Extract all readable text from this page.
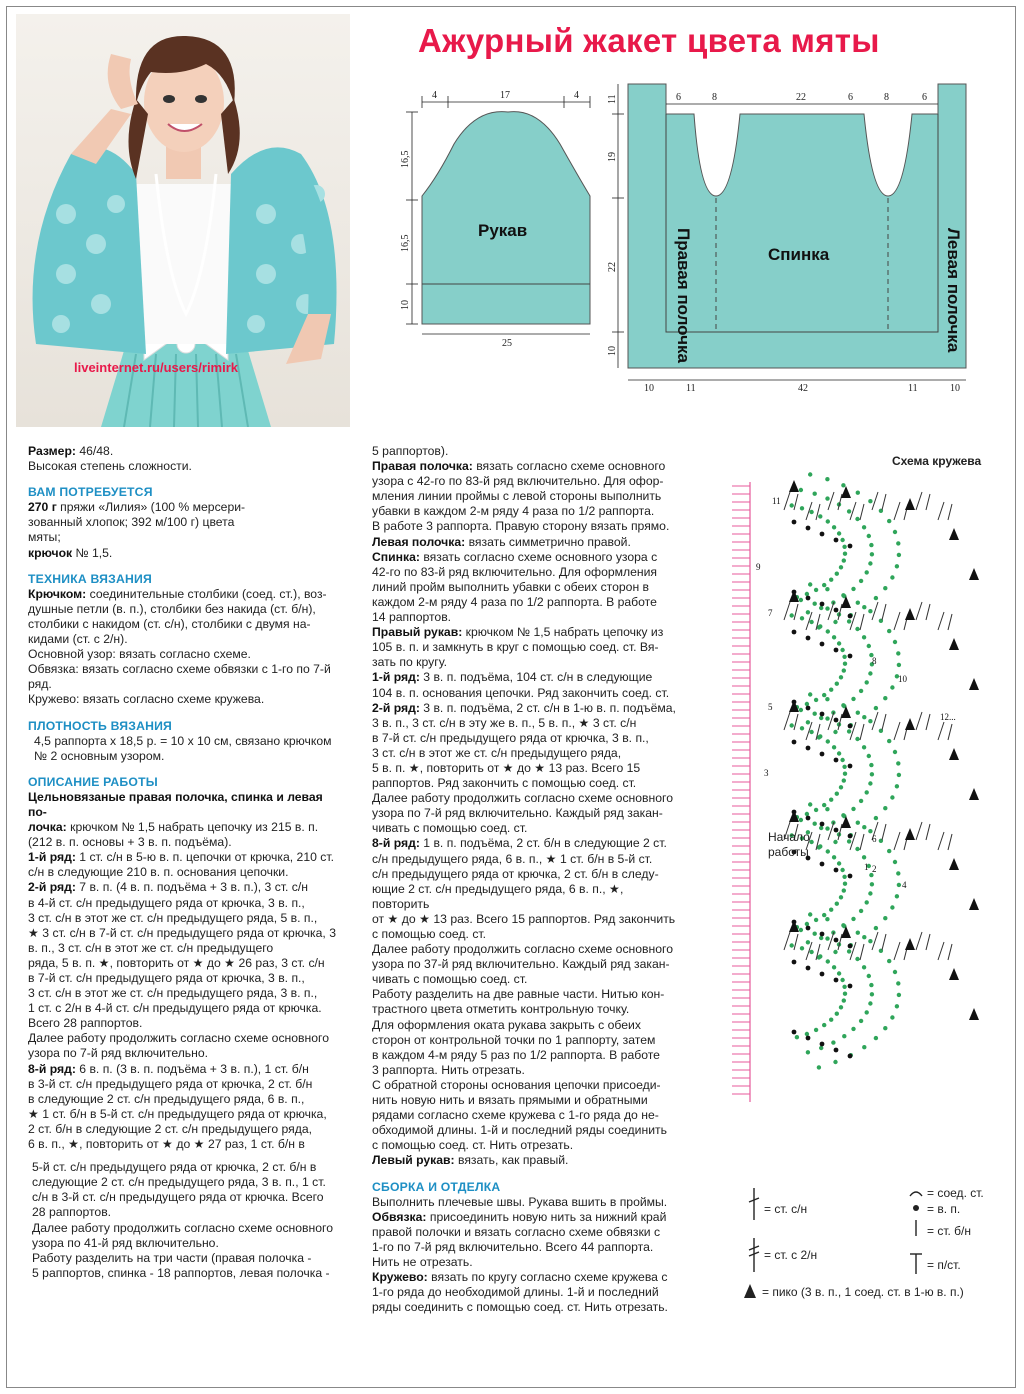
liveinternet.ru/users/rimirk
Ажурный жакет цвета мяты
4	17	4
16,5
16,5
10
Рукав
25
6	8	22	6	8	6
11
19
22
10	Правая полочка	Левая полочка
Спинка
10	11	42	11	10

Размер: 46/48.

Высокая степень сложности.

ВАМ ПОТРЕБУЕТСЯ

270 г пряжи «Лилия» (100 % мерсери-

зованный хлопок; 392 м/100 г) цвета

мяты;

крючок № 1,5.

ТЕХНИКА ВЯЗАНИЯ

Крючком: соединительные столбики (соед. ст.), воз-

душные петли (в. п.), столбики без накида (ст. б/н),

столбики с накидом (ст. с/н), столбики с двумя на-

кидами (ст. с 2/н).

Основной узор: вязать согласно схеме.

Обвязка: вязать согласно схеме обвязки с 1-го по 7-й

ряд.

Кружево: вязать согласно схеме кружева.

ПЛОТНОСТЬ ВЯЗАНИЯ

4,5 раппорта х 18,5 р. = 10 х 10 см, связано крючком

№ 2 основным узором.

ОПИСАНИЕ РАБОТЫ

Цельновязаные правая полочка, спинка и левая по-

лочка: крючком № 1,5 набрать цепочку из 215 в. п.

(212 в. п. основы + 3 в. п. подъёма).

1-й ряд: 1 ст. с/н в 5-ю в. п. цепочки от крючка, 210 ст.

с/н в следующие 210 в. п. основания цепочки.

2-й ряд: 7 в. п. (4 в. п. подъёма + 3 в. п.), 3 ст. с/н

в 4-й ст. с/н предыдущего ряда от крючка, 3 в. п.,

3 ст. с/н в этот же ст. с/н предыдущего ряда, 5 в. п.,

★ 3 ст. с/н в 7-й ст. с/н предыдущего ряда от крючка, 3 в. п., 3 ст. с/н в этот же ст. с/н предыдущего

ряда, 5 в. п. ★, повторить от ★ до ★ 26 раз, 3 ст. с/н

в 7-й ст. с/н предыдущего ряда от крючка, 3 в. п.,

3 ст. с/н в этот же ст. с/н предыдущего ряда, 3 в. п.,

1 ст. с 2/н в 4-й ст. с/н предыдущего ряда от крючка.

Всего 28 раппортов.

Далее работу продолжить согласно схеме основного

узора по 7-й ряд включительно.

8-й ряд: 6 в. п. (3 в. п. подъёма + 3 в. п.), 1 ст. б/н

в 3-й ст. с/н предыдущего ряда от крючка, 2 ст. б/н

в следующие 2 ст. с/н предыдущего ряда, 6 в. п.,

★ 1 ст. б/н в 5-й ст. с/н предыдущего ряда от крючка,

2 ст. б/н в следующие 2 ст. с/н предыдущего ряда,

6 в. п., ★, повторить от ★ до ★ 27 раз, 1 ст. б/н в

5-й ст. с/н предыдущего ряда от крючка, 2 ст. б/н в

следующие 2 ст. с/н предыдущего ряда, 3 в. п., 1 ст.

с/н в 3-й ст. с/н предыдущего ряда от крючка. Всего

28 раппортов.

Далее работу продолжить согласно схеме основного

узора по 41-й ряд включительно.

Работу разделить на три части (правая полочка -

5 раппортов, спинка - 18 раппортов, левая полочка -

5 раппортов).

Правая полочка: вязать согласно схеме основного

узора с 42-го по 83-й ряд включительно. Для офор-

мления линии проймы с левой стороны выполнить

убавки в каждом 2-м ряду 4 раза по 1/2 раппорта.

В работе 3 раппорта. Правую сторону вязать прямо.

Левая полочка: вязать симметрично правой.

Спинка: вязать согласно схеме основного узора с

42-го по 83-й ряд включительно. Для оформления

линий пройм выполнить убавки с обеих сторон в

каждом 2-м ряду 4 раза по 1/2 раппорта. В работе

14 раппортов.

Правый рукав: крючком № 1,5 набрать цепочку из

105 в. п. и замкнуть в круг с помощью соед. ст. Вя-

зать по кругу.

1-й ряд: 3 в. п. подъёма, 104 ст. с/н в следующие

104 в. п. основания цепочки. Ряд закончить соед. ст.

2-й ряд: 3 в. п. подъёма, 2 ст. с/н в 1-ю в. п. подъёма,

3 в. п., 3 ст. с/н в эту же в. п., 5 в. п., ★ 3 ст. с/н

в 7-й ст. с/н предыдущего ряда от крючка, 3 в. п.,

3 ст. с/н в этот же ст. с/н предыдущего ряда,

5 в. п. ★, повторить от ★ до ★ 13 раз. Всего 15 раппортов. Ряд закончить с помощью соед. ст.

Далее работу продолжить согласно схеме основного

узора по 7-й ряд включительно. Каждый ряд закан-

чивать с помощью соед. ст.

8-й ряд: 1 в. п. подъёма, 2 ст. б/н в следующие 2 ст.

с/н предыдущего ряда, 6 в. п., ★ 1 ст. б/н в 5-й ст.

с/н предыдущего ряда от крючка, 2 ст. б/н в следу-

ющие 2 ст. с/н предыдущего ряда, 6 в. п., ★, повторить

от ★ до ★ 13 раз. Всего 15 раппортов. Ряд закончить

с помощью соед. ст.

Далее работу продолжить согласно схеме основного

узора по 37-й ряд включительно. Каждый ряд закан-

чивать с помощью соед. ст.

Работу разделить на две равные части. Нитью кон-

трастного цвета отметить контрольную точку.

Для оформления оката рукава закрыть с обеих

сторон от контрольной точки по 1 раппорту, затем

в каждом 4-м ряду 5 раз по 1/2 раппорта. В работе

3 раппорта. Нить отрезать.

С обратной стороны основания цепочки присоеди-

нить новую нить и вязать прямыми и обратными

рядами согласно схеме кружева с 1-го ряда до не-

обходимой длины. 1-й и последний ряды соединить

с помощью соед. ст. Нить отрезать.

Левый рукав: вязать, как правый.

СБОРКА И ОТДЕЛКА

Выполнить плечевые швы. Рукава вшить в проймы.

Обвязка: присоединить новую нить за нижний край

правой полочки и вязать согласно схеме обвязки с

1-го по 7-й ряд включительно. Всего 44 раппорта.

Нить не отрезать.

Кружево: вязать по кругу согласно схеме кружева с

1-го ряда до необходимой длины. 1-й и последний

ряды соединить с помощью соед. ст. Нить отрезать.

Схема кружева
11
9
7
8
10
5
12...
3
6
1 2
4
Начало
работы
= ст. с/н
= ст. с 2/н
= соед. ст.
= в. п.
= ст. б/н
= п/ст.
= пико (3 в. п., 1 соед. ст. в 1-ю в. п.)
